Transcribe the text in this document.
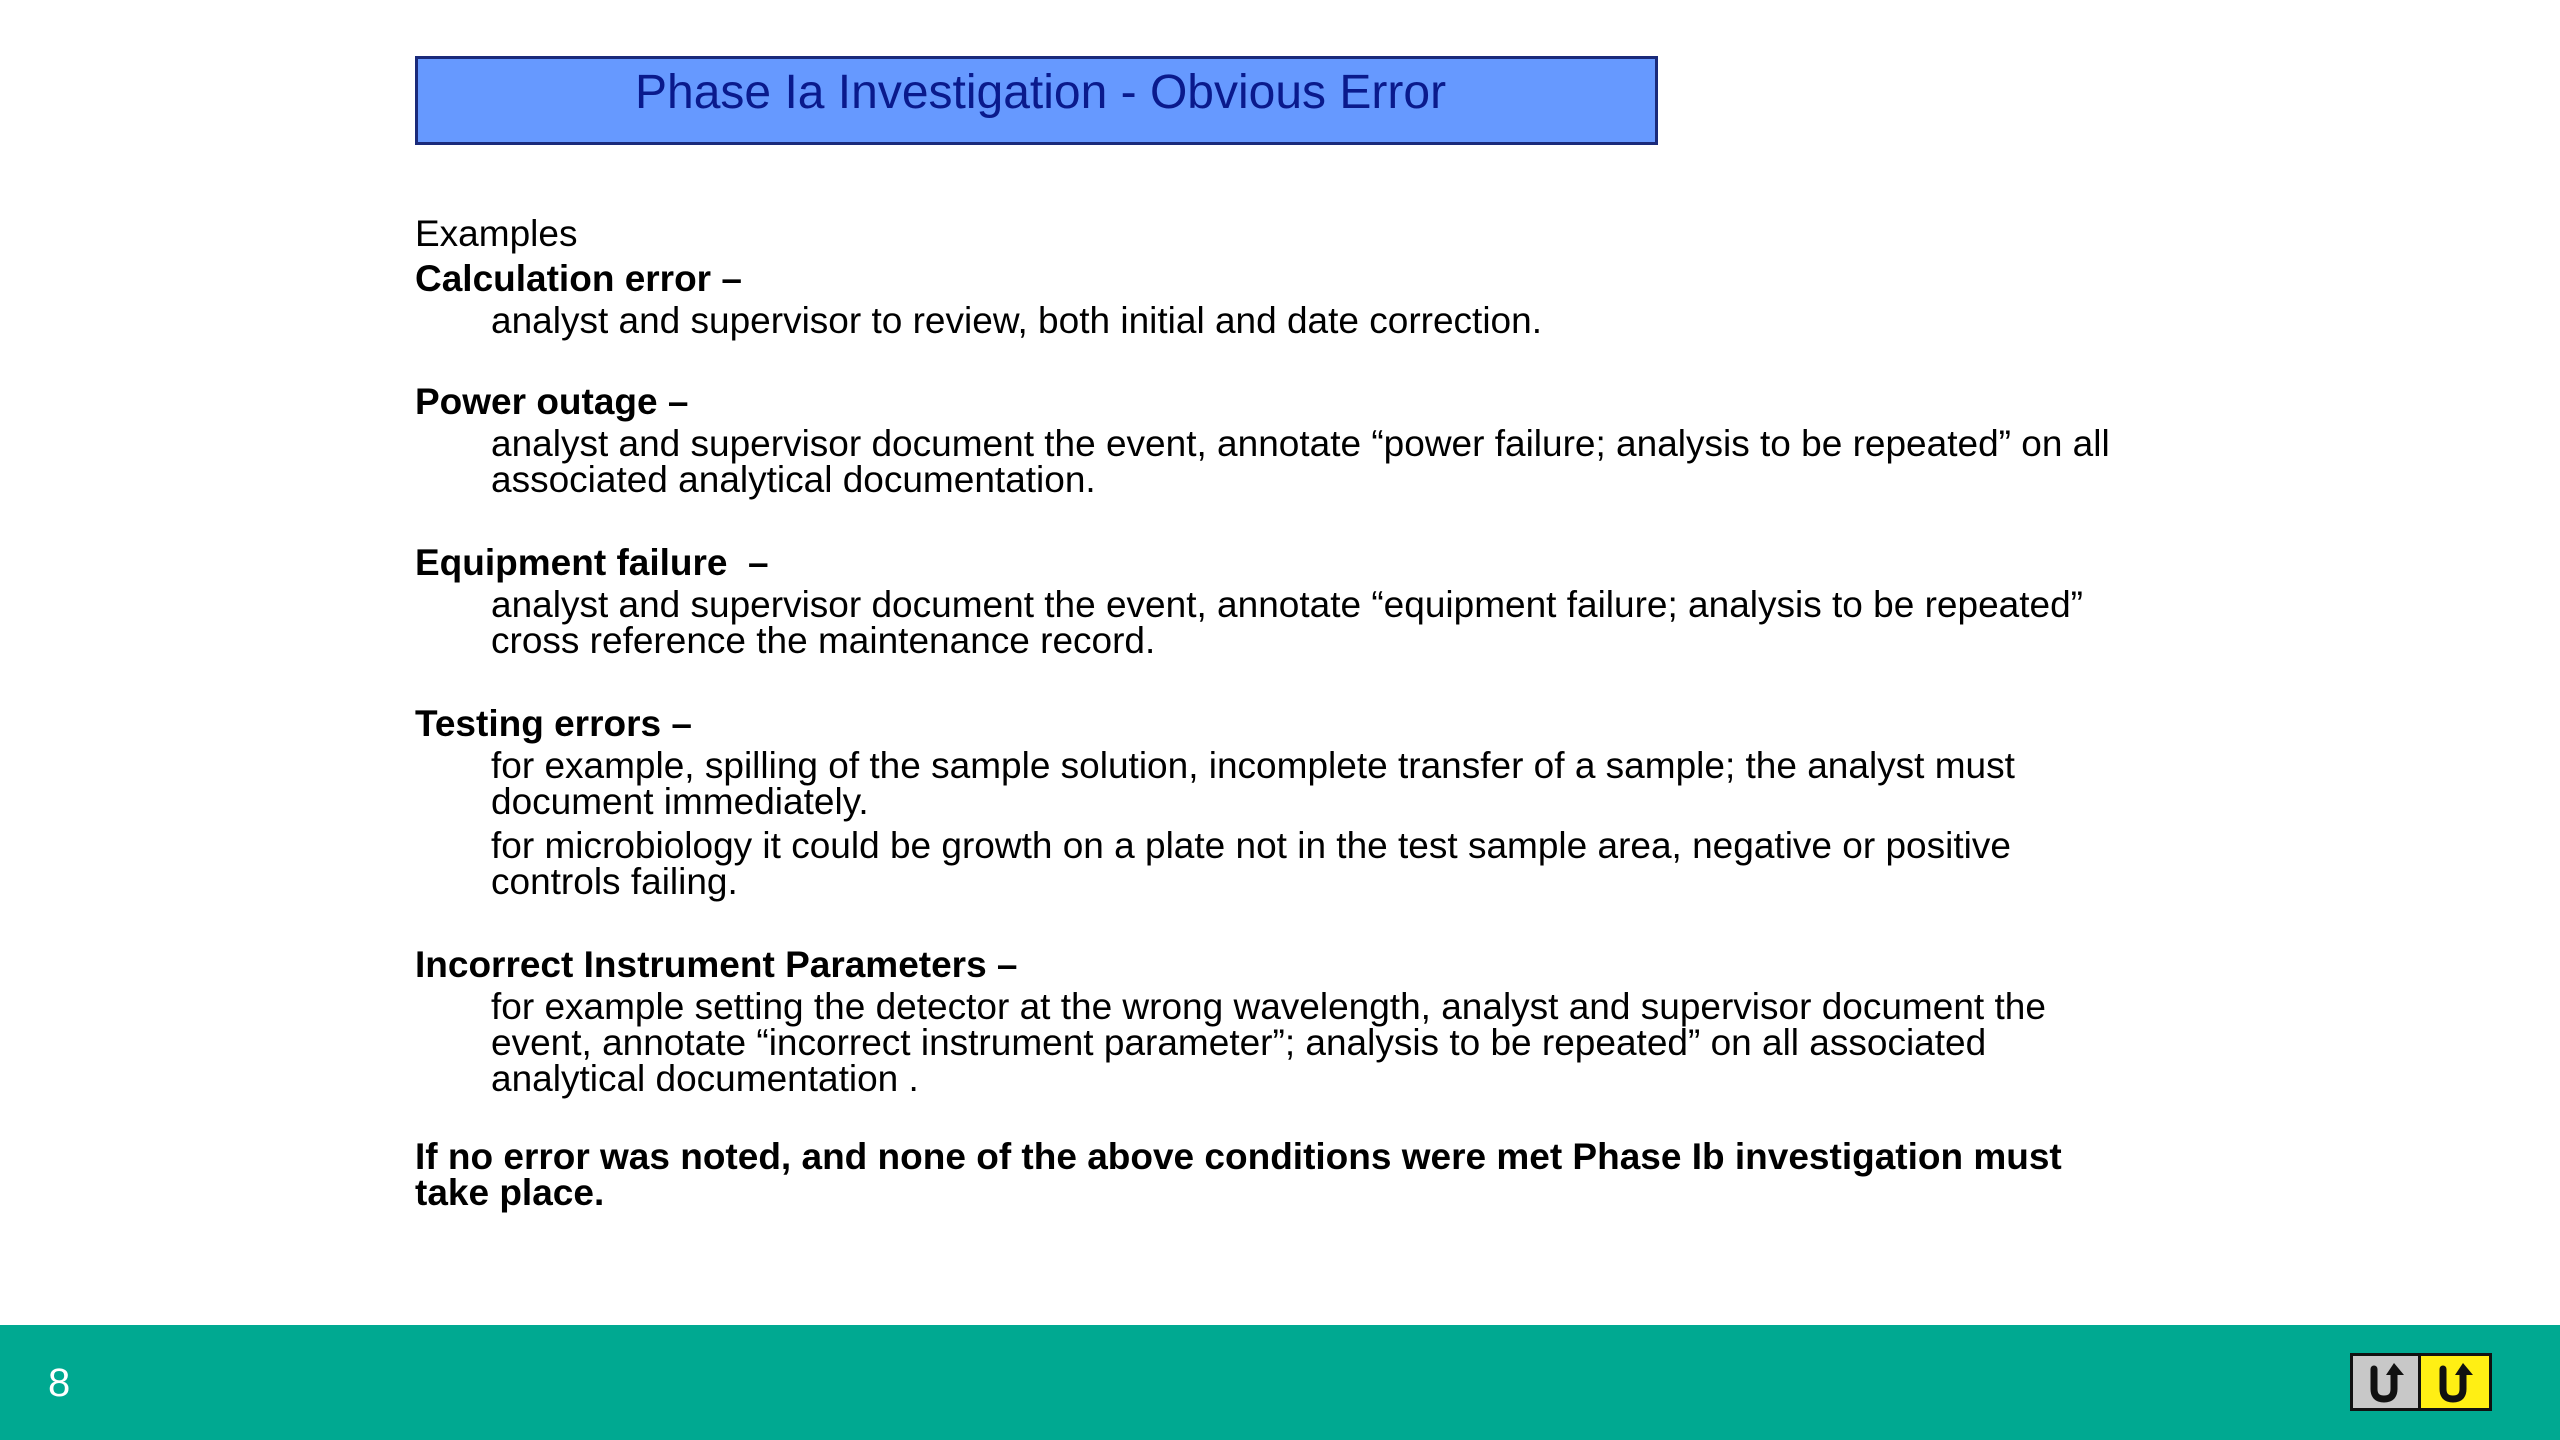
Phase Ia Investigation - Obvious Error

Examples

Calculation error –

analyst and supervisor to review, both initial and date correction.

Power outage –

analyst and supervisor document the event, annotate “power failure; analysis to be repeated” on all associated analytical documentation.

Equipment failure  –

analyst and supervisor document the event, annotate “equipment failure; analysis to be repeated” cross reference the maintenance record.

Testing errors –

for example, spilling of the sample solution, incomplete transfer of a sample; the analyst must document immediately.

for microbiology it could be growth on a plate not in the test sample area, negative or positive controls failing.

Incorrect Instrument Parameters –

for example setting the detector at the wrong wavelength, analyst and supervisor document the event, annotate “incorrect instrument parameter”; analysis to be repeated” on all associated analytical documentation .

If no error was noted, and none of the above conditions were met Phase Ib investigation must take place.

8
